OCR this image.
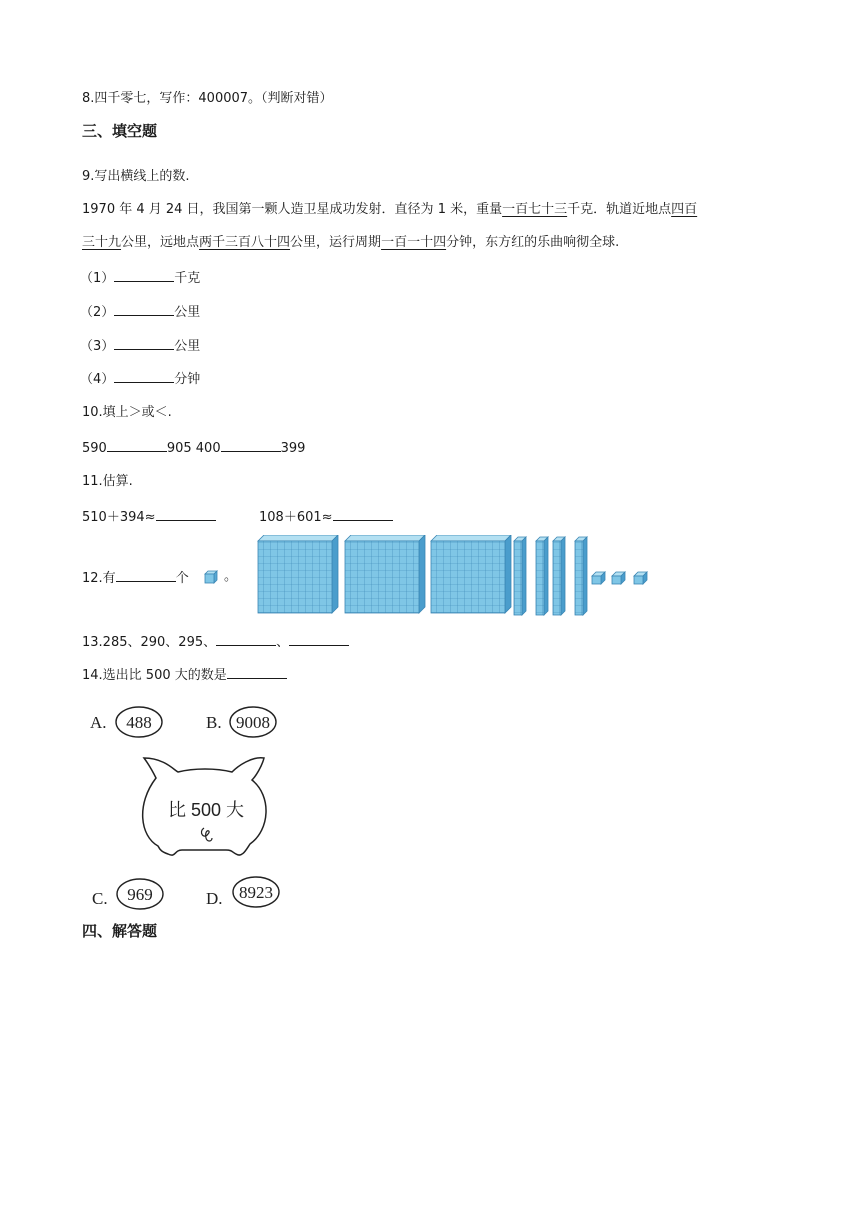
8.四千零七，写作：400007。（判断对错）
三、填空题
9.写出横线上的数.
1970 年 4 月 24 日，我国第一颗人造卫星成功发射．直径为 1 米，重量一百七十三千克．轨道近地点四百
三十九公里，远地点两千三百八十四公里，运行周期一百一十四分钟，东方红的乐曲响彻全球.
（1）	千克
（2）	公里
（3）	公里
（4）	分钟
10.填上＞或＜.
590	905 400	399
11.估算.
510＋394≈	108＋601≈
12.有	个	。
13.285、290、295、	、
14.选出比 500 大的数是
A. 488	B. 9008
比 500 大
C. 969	D. 8923
四、解答题
